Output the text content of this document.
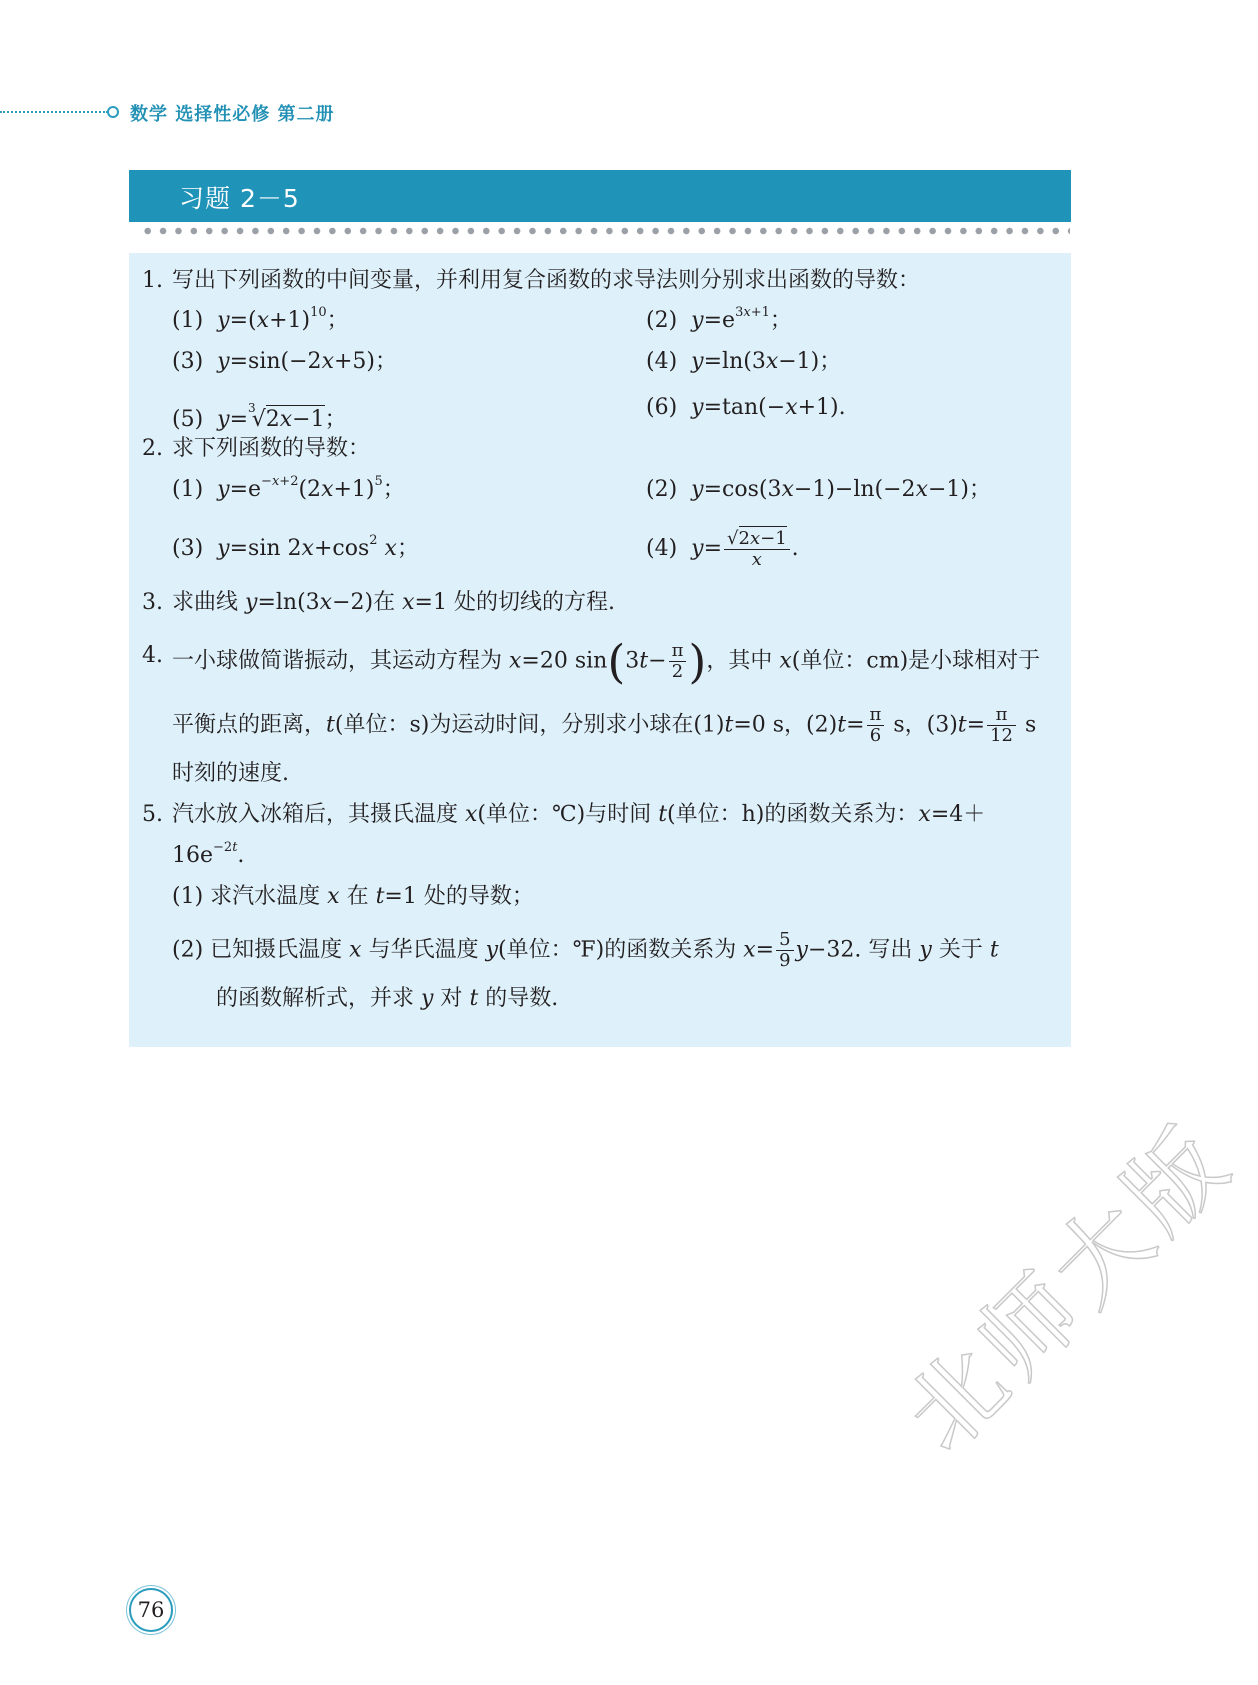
数学 选择性必修 第二册
习题 2－5
1. 写出下列函数的中间变量，并利用复合函数的求导法则分别求出函数的导数：
(1) $y=(x+1)^{10}$；	(2) $y=e^{3x+1}$；
(3) y=sin(−2x+5)；	(4) y=ln(3x−1)；
(5) y=$^3$√2x−1；	(6) y=tan(−x+1).
2. 求下列函数的导数：
(1)  $y=e^{-x+2}(2x+1)^5$；	(2)  y=cos(3x−1)−ln(−2x−1)；
(3)  y=sin $2x+\cos^2$ x；	(4)  $y= \frac{√2x-1}{x}$ .
3. 求曲线 y=ln(3x−2)在 x=1 处的切线的方程.
4. 一小球做简谐振动，其运动方程为 x=20 $\sin(3t- \frac{\pi}{2}$ )，其中 x(单位：cm)是小球相对于
平衡点的距离，t(单位：s)为运动时间，分别求小球在(1)t=0 s，$(2)t= \frac{\pi}{6}$ s，$(3)t= \frac{\pi}{12}$ s
时刻的速度.
5. 汽水放入冰箱后，其摄氏温度 x(单位：℃)与时间 t(单位：h)的函数关系为：x=4＋
$16e^{-2t}$.
(1) 求汽水温度 x 在 t=1 处的导数；
(2) 已知摄氏温度 x 与华氏温度 y(单位：℉)的函数关系为 $x= \frac{5}{9} y-32$. 写出 y 关于 t
的函数解析式，并求 y 对 t 的导数.
76
北师大版
